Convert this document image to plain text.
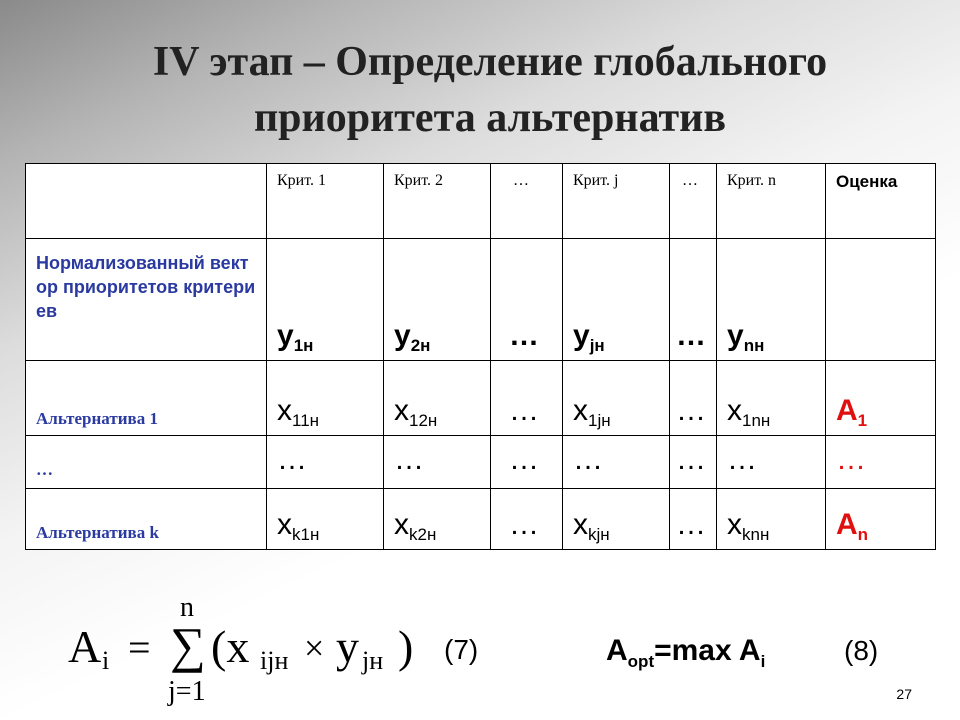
IV этап – Определение глобального
приоритета альтернатив

	Крит. 1	Крит. 2	…	Крит. j	…	Крит. n	Оценка

Нормализованный вектор приоритетов критериев	$y_{1н}$	$y_{2н}$	…	$y_{jн}$	…	$y_{nн}$

Альтернатива 1	$x_{11н}$	$x_{12н}$	…	$x_{1jн}$	…	$x_{1nн}$	$A_1$

…	…	…	…	…	…	…	…

Альтернатива k	$x_{k1н}$	$x_{k2н}$	…	$x_{kjн}$	…	$x_{knн}$	$A_n$
A i =
n
∑
j=1
(x ijн × y jн ) (7)	$A_{opt}=\max$ $A_i$	(8)
27
